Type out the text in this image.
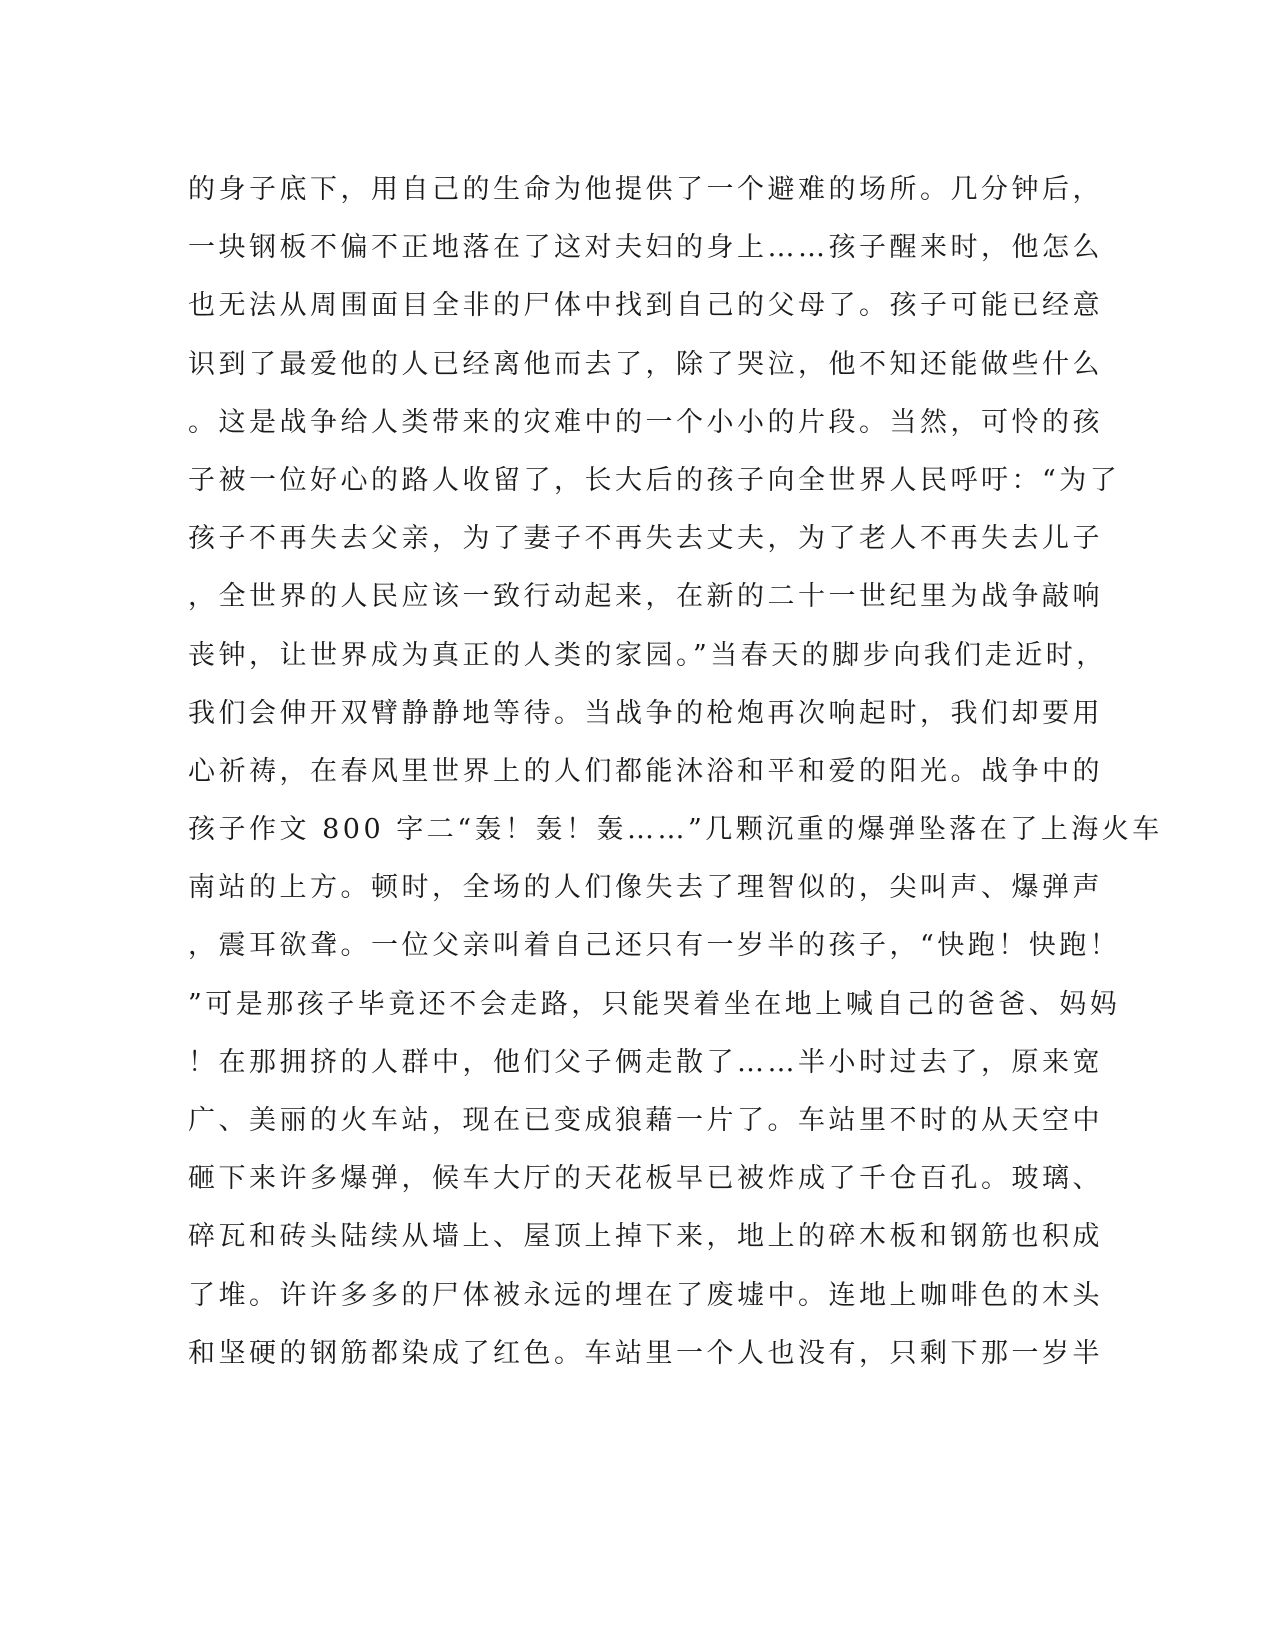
的身子底下，用自己的生命为他提供了一个避难的场所。几分钟后，
一块钢板不偏不正地落在了这对夫妇的身上……孩子醒来时，他怎么
也无法从周围面目全非的尸体中找到自己的父母了。孩子可能已经意
识到了最爱他的人已经离他而去了，除了哭泣，他不知还能做些什么
。这是战争给人类带来的灾难中的一个小小的片段。当然，可怜的孩
子被一位好心的路人收留了，长大后的孩子向全世界人民呼吁：“为了
孩子不再失去父亲，为了妻子不再失去丈夫，为了老人不再失去儿子
，全世界的人民应该一致行动起来，在新的二十一世纪里为战争敲响
丧钟，让世界成为真正的人类的家园。”当春天的脚步向我们走近时，
我们会伸开双臂静静地等待。当战争的枪炮再次响起时，我们却要用
心祈祷，在春风里世界上的人们都能沐浴和平和爱的阳光。战争中的
孩子作文 800 字二“轰！轰！轰……”几颗沉重的爆弹坠落在了上海火车
南站的上方。顿时，全场的人们像失去了理智似的，尖叫声、爆弹声
，震耳欲聋。一位父亲叫着自己还只有一岁半的孩子，“快跑！快跑！
”可是那孩子毕竟还不会走路，只能哭着坐在地上喊自己的爸爸、妈妈
！在那拥挤的人群中，他们父子俩走散了……半小时过去了，原来宽
广、美丽的火车站，现在已变成狼藉一片了。车站里不时的从天空中
砸下来许多爆弹，候车大厅的天花板早已被炸成了千仓百孔。玻璃、
碎瓦和砖头陆续从墙上、屋顶上掉下来，地上的碎木板和钢筋也积成
了堆。许许多多的尸体被永远的埋在了废墟中。连地上咖啡色的木头
和坚硬的钢筋都染成了红色。车站里一个人也没有，只剩下那一岁半
